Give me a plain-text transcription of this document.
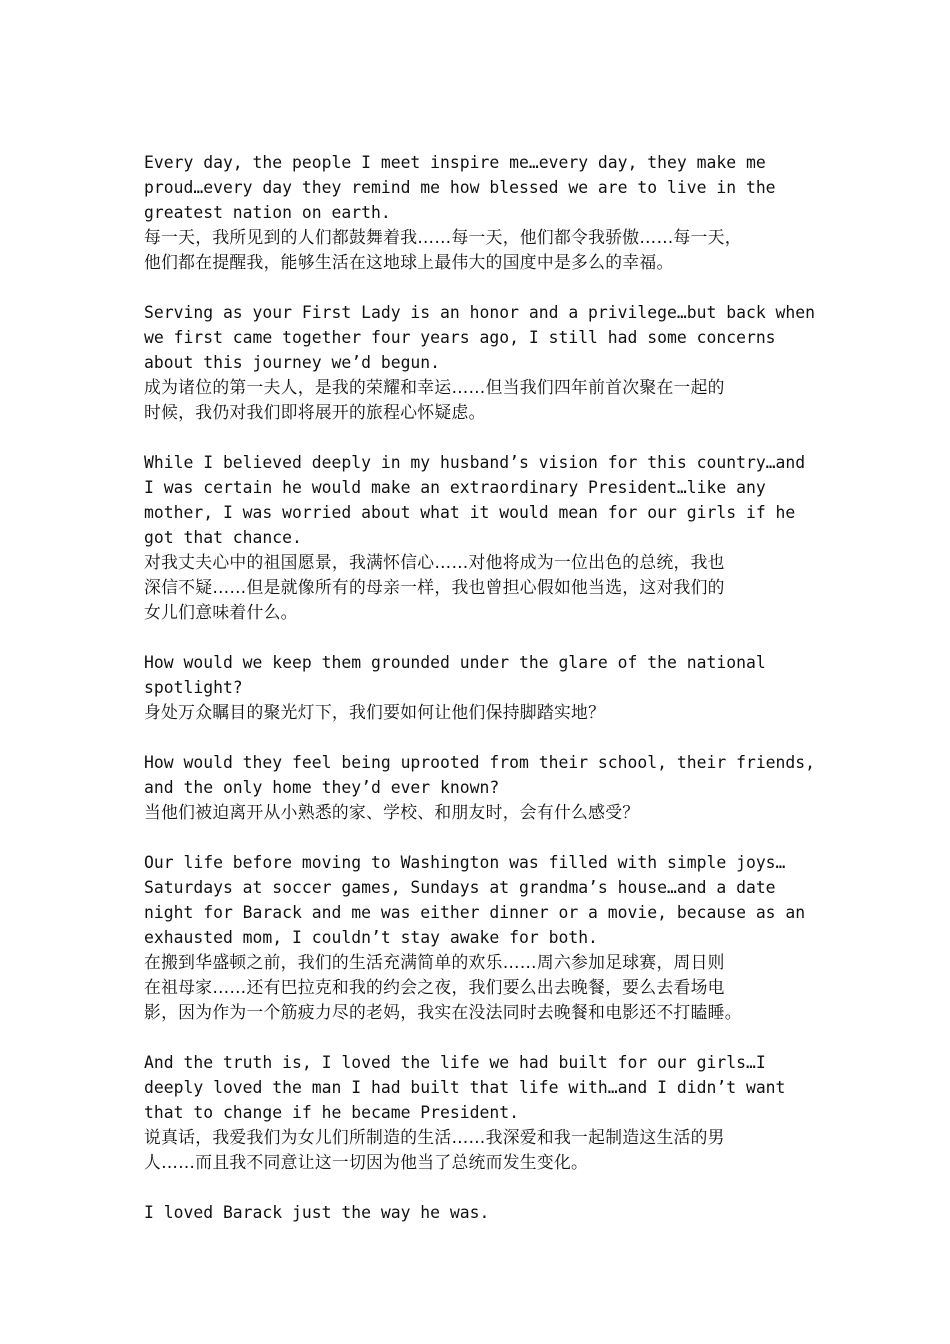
Every day, the people I meet inspire me…every day, they make me
proud…every day they remind me how blessed we are to live in the
greatest nation on earth.
每一天，我所见到的人们都鼓舞着我……每一天，他们都令我骄傲……每一天，
他们都在提醒我，能够生活在这地球上最伟大的国度中是多么的幸福。
Serving as your First Lady is an honor and a privilege…but back when
we first came together four years ago, I still had some concerns
about this journey we’d begun.
成为诸位的第一夫人，是我的荣耀和幸运……但当我们四年前首次聚在一起的
时候，我仍对我们即将展开的旅程心怀疑虑。
While I believed deeply in my husband’s vision for this country…and
I was certain he would make an extraordinary President…like any
mother, I was worried about what it would mean for our girls if he
got that chance.
对我丈夫心中的祖国愿景，我满怀信心……对他将成为一位出色的总统，我也
深信不疑……但是就像所有的母亲一样，我也曾担心假如他当选，这对我们的
女儿们意味着什么。
How would we keep them grounded under the glare of the national
spotlight?
身处万众瞩目的聚光灯下，我们要如何让他们保持脚踏实地？
How would they feel being uprooted from their school, their friends,
and the only home they’d ever known?
当他们被迫离开从小熟悉的家、学校、和朋友时，会有什么感受？
Our life before moving to Washington was filled with simple joys…
Saturdays at soccer games, Sundays at grandma’s house…and a date
night for Barack and me was either dinner or a movie, because as an
exhausted mom, I couldn’t stay awake for both.
在搬到华盛顿之前，我们的生活充满简单的欢乐……周六参加足球赛，周日则
在祖母家……还有巴拉克和我的约会之夜，我们要么出去晚餐，要么去看场电
影，因为作为一个筋疲力尽的老妈，我实在没法同时去晚餐和电影还不打瞌睡。
And the truth is, I loved the life we had built for our girls…I
deeply loved the man I had built that life with…and I didn’t want
that to change if he became President.
说真话，我爱我们为女儿们所制造的生活……我深爱和我一起制造这生活的男
人……而且我不同意让这一切因为他当了总统而发生变化。
I loved Barack just the way he was.
